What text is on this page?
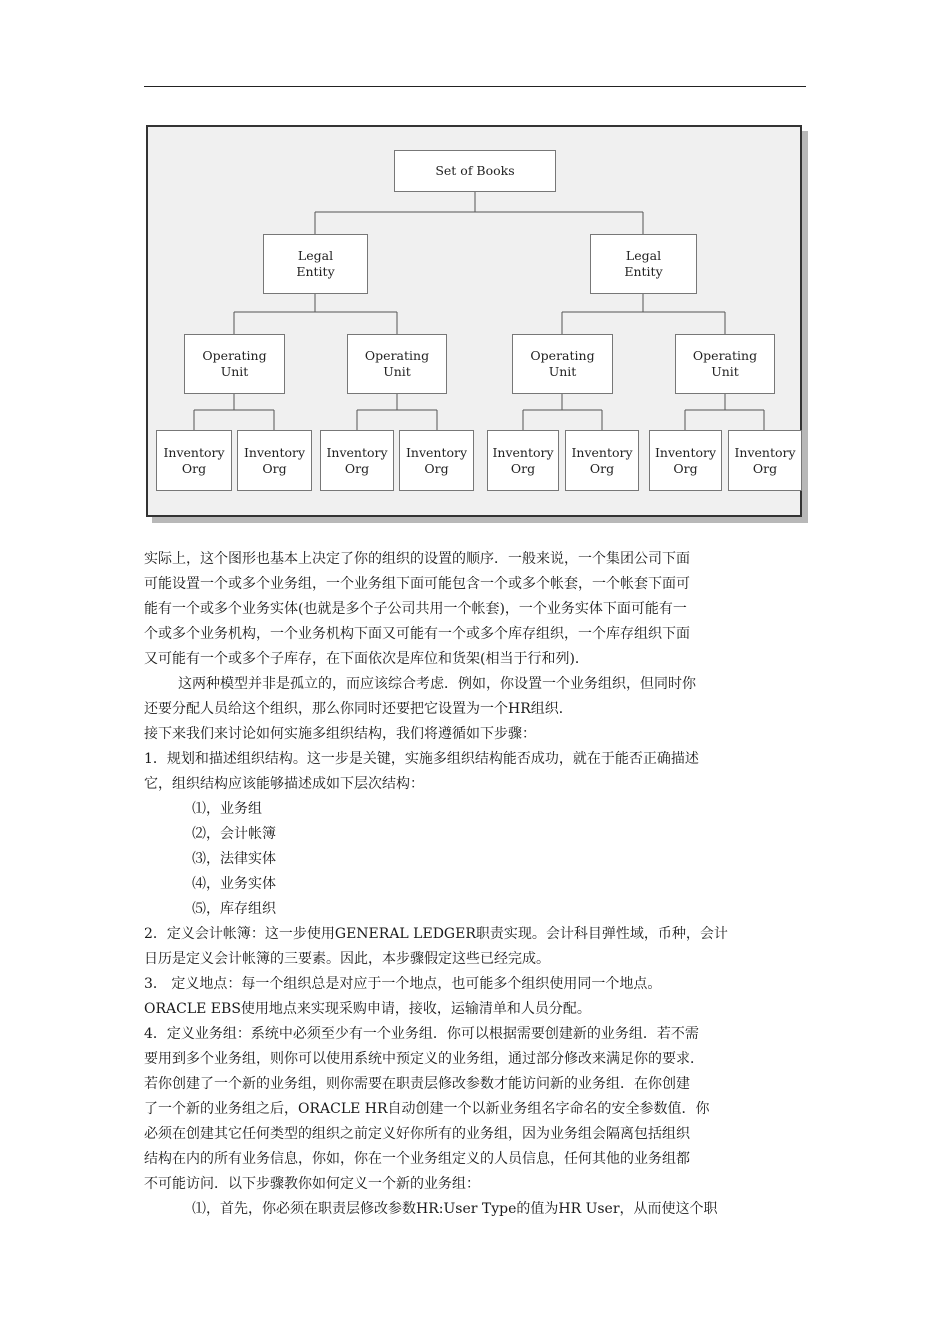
Set of Books
Legal
Entity
Legal
Entity
Operating
Unit
Operating
Unit
Operating
Unit
Operating
Unit
Inventory
Org
Inventory
Org
Inventory
Org
Inventory
Org
Inventory
Org
Inventory
Org
Inventory
Org
Inventory
Org

实际上，这个图形也基本上决定了你的组织的设置的顺序．一般来说，一个集团公司下面

可能设置一个或多个业务组，一个业务组下面可能包含一个或多个帐套，一个帐套下面可

能有一个或多个业务实体(也就是多个子公司共用一个帐套)，一个业务实体下面可能有一

个或多个业务机构，一个业务机构下面又可能有一个或多个库存组织，一个库存组织下面

又可能有一个或多个子库存，在下面依次是库位和货架(相当于行和列)．

这两种模型并非是孤立的，而应该综合考虑．例如，你设置一个业务组织，但同时你

还要分配人员给这个组织，那么你同时还要把它设置为一个HR组织．

接下来我们来讨论如何实施多组织结构，我们将遵循如下步骤：

1．规划和描述组织结构。这一步是关键，实施多组织结构能否成功，就在于能否正确描述

它，组织结构应该能够描述成如下层次结构：

⑴，业务组

⑵，会计帐簿

⑶，法律实体

⑷，业务实体

⑸，库存组织

2．定义会计帐簿：这一步使用GENERAL LEDGER职责实现。会计科目弹性域，币种，会计

日历是定义会计帐簿的三要素。因此，本步骤假定这些已经完成。

3． 定义地点：每一个组织总是对应于一个地点，也可能多个组织使用同一个地点。

ORACLE EBS使用地点来实现采购申请，接收，运输清单和人员分配。

4．定义业务组：系统中必须至少有一个业务组．你可以根据需要创建新的业务组．若不需

要用到多个业务组，则你可以使用系统中预定义的业务组，通过部分修改来满足你的要求．

若你创建了一个新的业务组，则你需要在职责层修改参数才能访问新的业务组．在你创建

了一个新的业务组之后，ORACLE HR自动创建一个以新业务组名字命名的安全参数值．你

必须在创建其它任何类型的组织之前定义好你所有的业务组，因为业务组会隔离包括组织

结构在内的所有业务信息，你如，你在一个业务组定义的人员信息，任何其他的业务组都

不可能访问．以下步骤教你如何定义一个新的业务组：

⑴，首先，你必须在职责层修改参数HR:User Type的值为HR User，从而使这个职
